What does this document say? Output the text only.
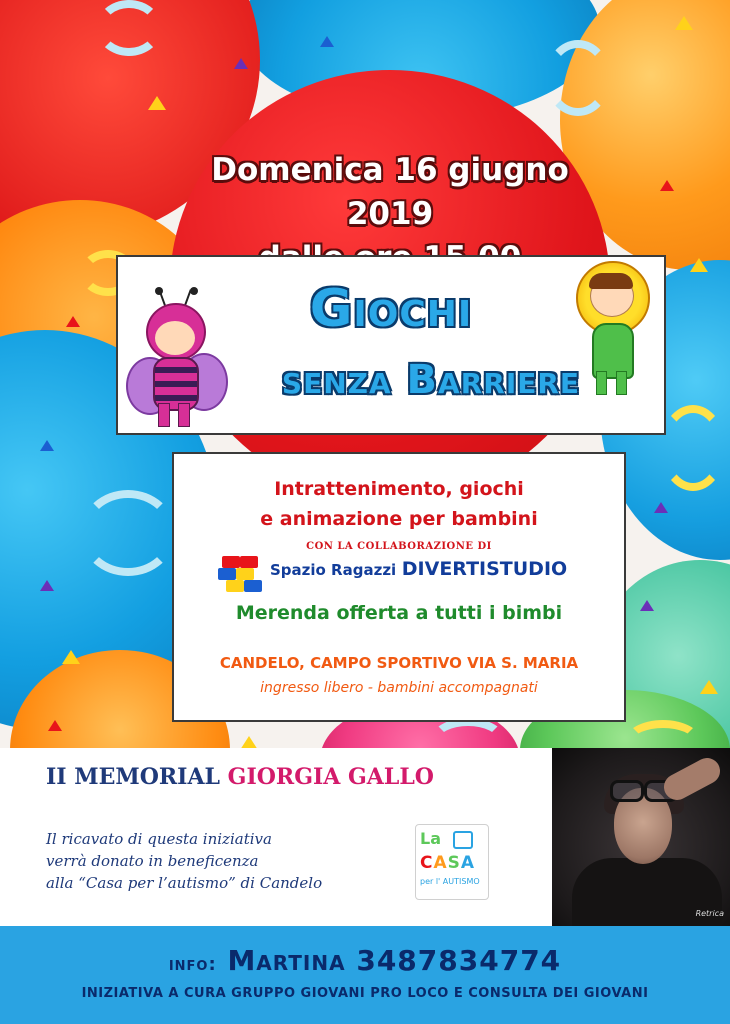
Domenica 16 giugno 2019
Giochi
senza Barriere
Intrattenimento, giochi
e animazione per bambini
CON LA COLLABORAZIONE DI
Spazio Ragazzi DIVERTISTUDIO
Merenda offerta a tutti i bimbi
CANDELO, CAMPO SPORTIVO VIA S. MARIA
ingresso libero - bambini accompagnati
II MEMORIAL GIORGIA GALLO
Il ricavato di questa iniziativa
verrà donato in beneficenza
alla “Casa per l’autismo” di Candelo
La
CASA
per l' AUTISMO
Retrica
info: Martina 3487834774
INIZIATIVA A CURA GRUPPO GIOVANI PRO LOCO E CONSULTA DEI GIOVANI
